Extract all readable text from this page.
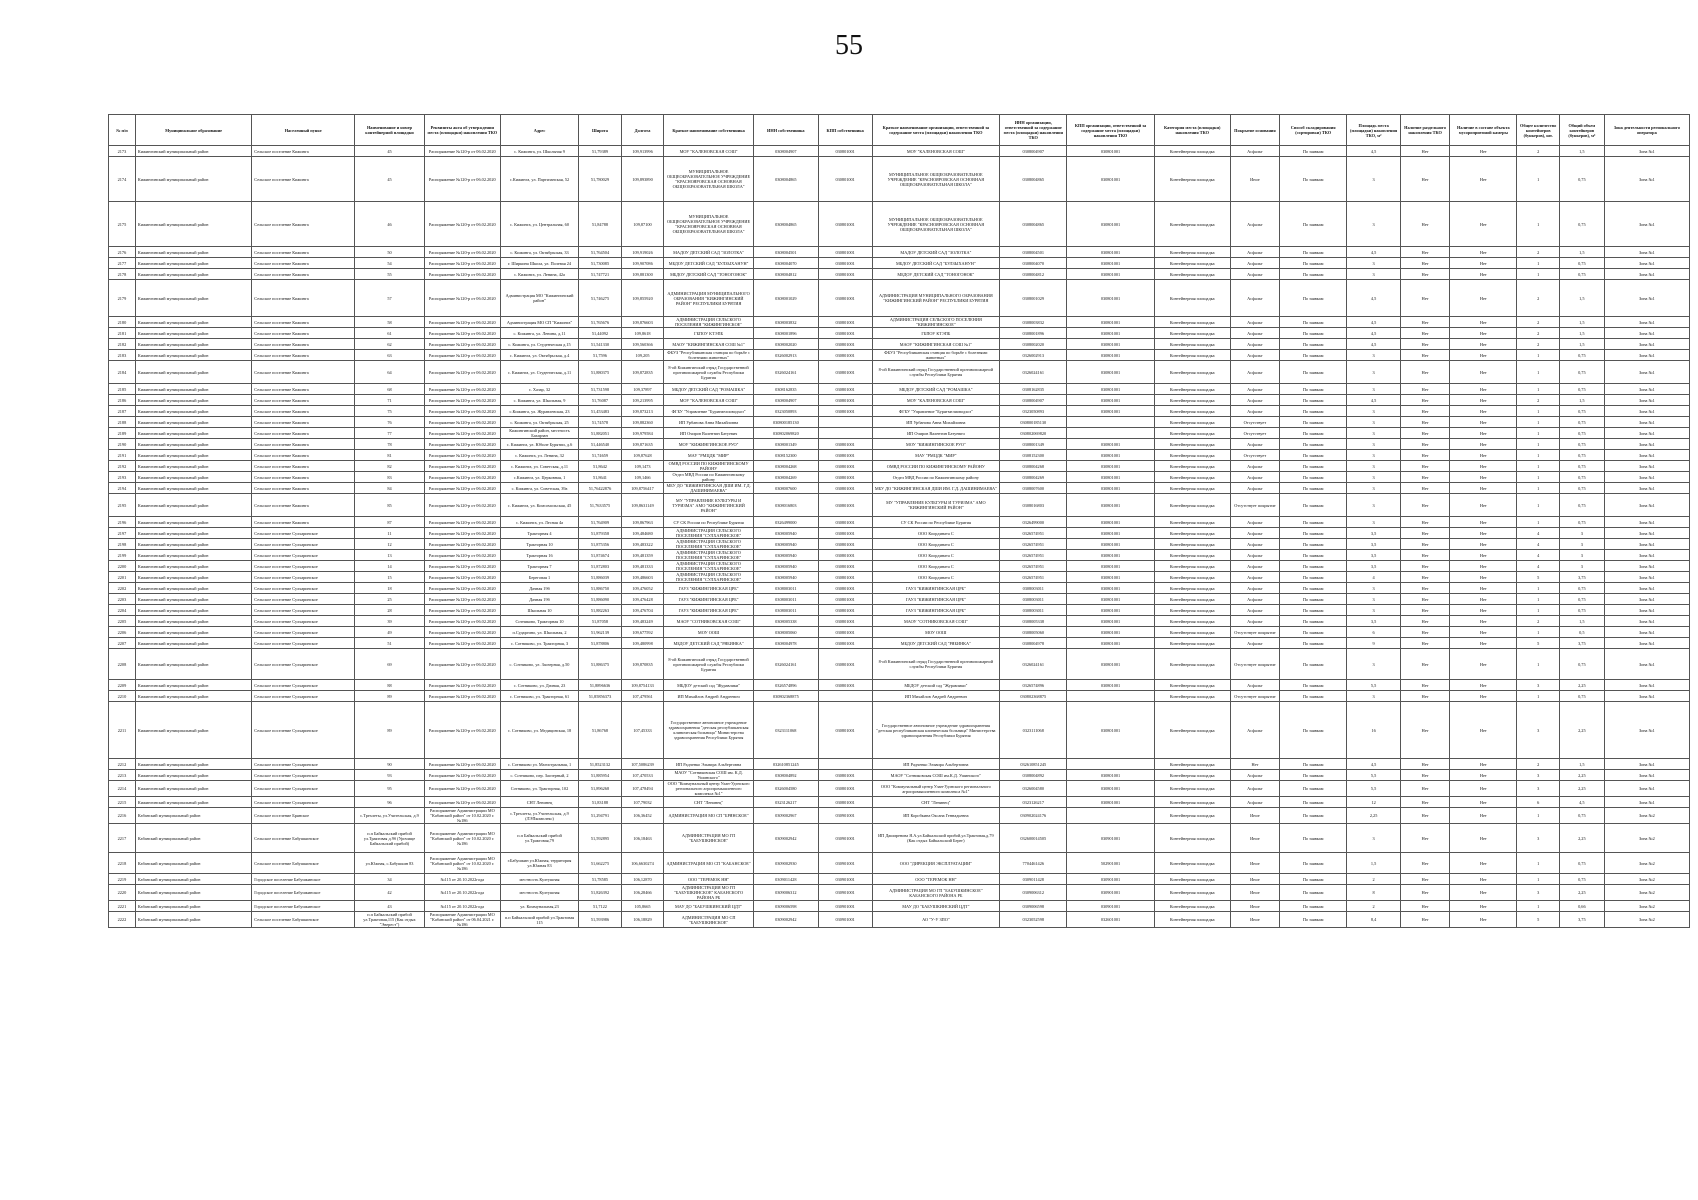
55
№ п/п	Муниципальное образование	Населенный пункт	Наименование и номер контейнерной площадки	Реквизиты акта об утверждении места (площадки) накопления ТКО	Адрес	Широта	Долгота	Краткое наименование собственника	ИНН собственника	КПП собственника	Краткое наименование организации, ответственной за содержание места (площадки) накопления ТКО	ИНН организации, ответственной за содержание места (площадки) накопления ТКО	КПП организации, ответственной за содержание места (площадки) накопления ТКО	Категория места (площадки) накопления ТКО	Покрытие основания	Способ складирования (сортировки) ТКО	Площадь места (площадки) накопления ТКО, м²	Наличие раздельного накопления ТКО	Наличие в составе объекта мусороприемной камеры	Общее количество контейнеров (бункеров), шт.	Общий объем контейнеров (бункеров), м³	Зона деятельности регионального оператора
2173	Кижингинский муниципальный район	Сельское поселение Кижинга	45	Распоряжение №120-р от 06.02.2020	с. Кижинга, ул. Школьная 9	51,79389	109,913996	МОУ "КАЛЕНОВСКАЯ СОШ"	0308004907	030801001	МОУ "КАЛЕНОВСКАЯ СОШ"	0308004907	030801001	Контейнерная площадка	Асфальт	По заявкам	4,5	Нет	Нет	2	1,5	Зона №1
2174	Кижингинский муниципальный район	Сельское поселение Кижинга	45	Распоряжение №120-р от 06.02.2020	с.Кижинга, ул. Партизанская, 52	51,780029	109,893890	МУНИЦИПАЛЬНОЕ ОБЩЕОБРАЗОВАТЕЛЬНОЕ УЧРЕЖДЕНИЕ "КРАСНОЯРОВСКАЯ ОСНОВНАЯ ОБЩЕОБРАЗОВАТЕЛЬНАЯ ШКОЛА"	0308004865	030801001	МУНИЦИПАЛЬНОЕ ОБЩЕОБРАЗОВАТЕЛЬНОЕ УЧРЕЖДЕНИЕ "КРАСНОЯРОВСКАЯ ОСНОВНАЯ ОБЩЕОБРАЗОВАТЕЛЬНАЯ ШКОЛА"	0308004865	030801001	Контейнерная площадка	Иное	По заявкам	3	Нет	Нет	1	0,75	Зона №1
2175	Кижингинский муниципальный район	Сельское поселение Кижинга	46	Распоряжение №120-р от 06.02.2020	с. Кижинга, ул. Центральная, 60	51,84788	109,87100	МУНИЦИПАЛЬНОЕ ОБЩЕОБРАЗОВАТЕЛЬНОЕ УЧРЕЖДЕНИЕ "КРАСНОЯРОВСКАЯ ОСНОВНАЯ ОБЩЕОБРАЗОВАТЕЛЬНАЯ ШКОЛА"	0308004865	030801001	МУНИЦИПАЛЬНОЕ ОБЩЕОБРАЗОВАТЕЛЬНОЕ УЧРЕЖДЕНИЕ "КРАСНОЯРОВСКАЯ ОСНОВНАЯ ОБЩЕОБРАЗОВАТЕЛЬНАЯ ШКОЛА"	0308004865	030801001	Контейнерная площадка	Асфальт	По заявкам	3	Нет	Нет	1	0,75	Зона №1
2176	Кижингинский муниципальный район	Сельское поселение Кижинга	50	Распоряжение №120-р от 06.02.2020	с. Кижинга, ул. Октябрьская, 33	51,764504	109,919026	МАДОУ ДЕТСКИЙ САД "ЗОЛОТКА"	0308004501	030801001	МАДОУ ДЕТСКИЙ САД "ЗОЛОТКА"	0308004501	030801001	Контейнерная площадка	Асфальт	По заявкам	4,5	Нет	Нет	2	1,5	Зона №1
2177	Кижингинский муниципальный район	Сельское поселение Кижинга	54	Распоряжение №120-р от 06.02.2020	г. Ширкина Школа, ул. Полевая 24	51,730085	109,907086	МБДОУ ДЕТСКИЙ САД "БУЛЗЫХАНУН"	0308004070	030801001	МБДОУ ДЕТСКИЙ САД "БУЛЗЫХАНУН"	0308004070	030801001	Контейнерная площадка	Асфальт	По заявкам	3	Нет	Нет	1	0,75	Зона №1
2178	Кижингинский муниципальный район	Сельское поселение Кижинга	55	Распоряжение №120-р от 06.02.2020	с. Кижинга, ул. Ленина, 42а	51,747721	109,881300	МБДОУ ДЕТСКИЙ САД "ТОНОГОНОК"	0308004812	030801001	МБДОУ ДЕТСКИЙ САД "ТОНОГОНОК"	0308004812	030801001	Контейнерная площадка	Асфальт	По заявкам	3	Нет	Нет	1	0,75	Зона №1
2179	Кижингинский муниципальный район	Сельское поселение Кижинга	57	Распоряжение №120-р от 06.02.2020	Администрация МО "Кижингинский район"	51,746275	109,855920	АДМИНИСТРАЦИЯ МУНИЦИПАЛЬНОГО ОБРАЗОВАНИЯ "КИЖИНГИНСКИЙ РАЙОН" РЕСПУБЛИКИ БУРЯТИЯ	0308001029	030801001	АДМИНИСТРАЦИЯ МУНИЦИПАЛЬНОГО ОБРАЗОВАНИЯ "КИЖИНГИНСКИЙ РАЙОН" РЕСПУБЛИКИ БУРЯТИЯ	0308001029	030801001	Контейнерная площадка	Асфальт	По заявкам	4,5	Нет	Нет	2	1,5	Зона №1
2180	Кижингинский муниципальный район	Сельское поселение Кижинга	58	Распоряжение №120-р от 06.02.2020	Администрация МО СП "Кижинга"	51,765676	109,876603	АДМИНИСТРАЦИЯ СЕЛЬСКОГО ПОСЕЛЕНИЯ "КИЖИНГИНСКОЕ"	0308003832	030801001	АДМИНИСТРАЦИЯ СЕЛЬСКОГО ПОСЕЛЕНИЯ "КИЖИНГИНСКОЕ"	0308003832	030801001	Контейнерная площадка	Асфальт	По заявкам	4,5	Нет	Нет	2	1,5	Зона №1
2181	Кижингинский муниципальный район	Сельское поселение Кижинга	61	Распоряжение №120-р от 06.02.2020	с. Кижинга, ул. Ленина, д.11	51,44092	109,8618	ГБПОУ КТЭПБ	0308001896	030801001	ГБПОУ КТЭПБ	0308001896	030801001	Контейнерная площадка	Асфальт	По заявкам	4,5	Нет	Нет	2	1,5	Зона №1
2182	Кижингинский муниципальный район	Сельское поселение Кижинга	62	Распоряжение №120-р от 06.02.2020	с. Кижинга, ул. Студенческая д.15	51,541330	109,560366	МАОУ "КИЖИНГИНСКАЯ СОШ №1"	0308002020	030801001	МАОУ "КИЖИНГИНСКАЯ СОШ №1"	0308002020	030801001	Контейнерная площадка	Асфальт	По заявкам	4,5	Нет	Нет	2	1,5	Зона №1
2183	Кижингинский муниципальный район	Сельское поселение Кижинга	63	Распоряжение №120-р от 06.02.2020	с. Кижинга, ул. Октябрьская, д.4	51,7596	109,205	ФБУЗ "Республиканская станция по борьбе с болезнями животных"	0326002913	030801001	ФБУЗ "Республиканская станция по борьбе с болезнями животных"	0326002913	030801001	Контейнерная площадка	Асфальт	По заявкам	3	Нет	Нет	1	0,75	Зона №1
2184	Кижингинский муниципальный район	Сельское поселение Кижинга	64	Распоряжение №120-р от 06.02.2020	с. Кижинга, ул. Студенческая, д.11	51,880375	109,872835	8-ой Кижингинский отряд Государственной противопожарной службы Республики Бурятия	0326024161	030801001	8-ой Кижингинский отряд Государственной противопожарной службы Республики Бурятия	0326024161	030801001	Контейнерная площадка	Асфальт	По заявкам	3	Нет	Нет	1	0,75	Зона №1
2185	Кижингинский муниципальный район	Сельское поселение Кижинга	68	Распоряжение №120-р от 06.02.2020	с. Хазар, 32	51,731598	109,37897	МБДОУ ДЕТСКИЙ САД "РОМАШКА"	0308162835	030801001	МБДОУ ДЕТСКИЙ САД "РОМАШКА"	0308162835	030801001	Контейнерная площадка	Асфальт	По заявкам	3	Нет	Нет	1	0,75	Зона №1
2186	Кижингинский муниципальный район	Сельское поселение Кижинга	71	Распоряжение №120-р от 06.02.2020	с. Кижинга, ул. Школьная, 9	51,76087	109,213995	МОУ "КАЛЕНОВСКАЯ СОШ"	0308004907	030801001	МОУ "КАЛЕНОВСКАЯ СОШ"	0308004907	030801001	Контейнерная площадка	Асфальт	По заявкам	4,5	Нет	Нет	2	1,5	Зона №1
2187	Кижингинский муниципальный район	Сельское поселение Кижинга	75	Распоряжение №120-р от 06.02.2020	с.Кижинга, ул. Журавлевская, 23	51,453483	109,873213	ФГБУ "Управление "Бурятмелиоводхоз"	0323050893	030801001	ФГБУ "Управление "Бурятмелиоводхоз"	0323050893	030801001	Контейнерная площадка	Асфальт	По заявкам	3	Нет	Нет	1	0,75	Зона №1
2188	Кижингинский муниципальный район	Сельское поселение Кижинга	76	Распоряжение №120-р от 06.02.2020	с. Кижинга, ул. Октябрьская, 25	51,74578	109,882360	ИП Урбанова Анна Михайловна	030800185130		ИП Урбанова Анна Михайловна	030800185130		Контейнерная площадка	Отсутствует	По заявкам	3	Нет	Нет	1	0,75	Зона №1
2189	Кижингинский муниципальный район	Сельское поселение Кижинга	77	Распоряжение №120-р от 06.02.2020	Кижингинский район, местность Бахарзан	51,882051	109,979584	ИП Очиров Валентин Батуевич	030802069820		ИП Очиров Валентин Батуевич	030802069820		Контейнерная площадка	Отсутствует	По заявкам	3	Нет	Нет	1	0,75	Зона №1
2190	Кижингинский муниципальный район	Сельское поселение Кижинга	78	Распоряжение №120-р от 06.02.2020	с. Кижинга, ул. Юбиле Бурятии, д.6	51,446540	109,871635	МОУ "КИЖИНГИНСКОЕ РУО"	0308001349	030801001	МОУ "КИЖИНГИНСКОЕ РУО"	0308001349	030801001	Контейнерная площадка	Асфальт	По заявкам	3	Нет	Нет	1	0,75	Зона №1
2191	Кижингинский муниципальный район	Сельское поселение Кижинга	81	Распоряжение №120-р от 06.02.2020	с. Кижинга, ул. Ленина, 32	51,74659	109,87628	МАУ "РМЦДК "МИР"	0308152300	030801001	МАУ "РМЦДК "МИР"	0308152300	030801001	Контейнерная площадка	Отсутствует	По заявкам	3	Нет	Нет	1	0,75	Зона №1
2192	Кижингинский муниципальный район	Сельское поселение Кижинга	82	Распоряжение №120-р от 06.02.2020	с. Кижинга, ул. Советская, д.11	51,8642	109,1473	ОМВД РОССИИ ПО КИЖИНГИНСКОМУ РАЙОНУ	0308004268	030801001	ОМВД РОССИИ ПО КИЖИНГИНСКОМУ РАЙОНУ	0308004268	030801001	Контейнерная площадка	Асфальт	По заявкам	3	Нет	Нет	1	0,75	Зона №1
2193	Кижингинский муниципальный район	Сельское поселение Кижинга	83	Распоряжение №120-р от 06.02.2020	с.Кижинга, ул. Церковная, 1	51,8641	109,1466	Отдел МВД России по Кижингинскому району	0308004269	030801001	Отдел МВД России по Кижингинскому району	0308004269	030801001	Контейнерная площадка	Асфальт	По заявкам	3	Нет	Нет	1	0,75	Зона №1
2194	Кижингинский муниципальный район	Сельское поселение Кижинга	84	Распоряжение №120-р от 06.02.2020	с. Кижинга, ул. Советская, 39а	51,76422876	109,8756417	МБУ ДО "КИЖИНГИНСКАЯ ДШИ ИМ. Г.Д. ДАШИНИМАЕВА"	0308007600	030801001	МБУ ДО "КИЖИНГИНСКАЯ ДШИ ИМ. Г.Д. ДАШИНИМАЕВА"	0308007600	030801001	Контейнерная площадка	Асфальт	По заявкам	3	Нет	Нет	1	0,75	Зона №1
2195	Кижингинский муниципальный район	Сельское поселение Кижинга	85	Распоряжение №120-р от 06.02.2020	с. Кижинга, ул. Комсомольская, 45	51,7633575	109,8631149	МУ "УПРАВЛЕНИЕ КУЛЬТУРЫ И ТУРИЗМА" АМО "КИЖИНГИНСКИЙ РАЙОН"	0308016803	030801001	МУ "УПРАВЛЕНИЕ КУЛЬТУРЫ И ТУРИЗМА" АМО "КИЖИНГИНСКИЙ РАЙОН"	0308016803	030801001	Контейнерная площадка	Отсутствует покрытие	По заявкам	3	Нет	Нет	1	0,75	Зона №1
2196	Кижингинский муниципальный район	Сельское поселение Кижинга	87	Распоряжение №120-р от 06.02.2020	с. Кижинга, ул. Лесная 4а	51,764909	109,867963	СУ СК России по Республике Бурятия	0326499000	030801001	СУ СК России по Республике Бурятия	0326499000	030801001	Контейнерная площадка	Асфальт	По заявкам	3	Нет	Нет	1	0,75	Зона №1
2197	Кижингинский муниципальный район	Сельское поселение Сулхаринское	11	Распоряжение №120-р от 06.02.2020	Тракторная 4	51,879358	109,484680	АДМИНИСТРАЦИЯ СЕЛЬСКОГО ПОСЕЛЕНИЯ "СУЛХАРИНСКОЕ"	0308005940	030801001	ООО Координата С	0326574951	030801001	Контейнерная площадка	Асфальт	По заявкам	3,5	Нет	Нет	4	3	Зона №1
2198	Кижингинский муниципальный район	Сельское поселение Сулхаринское	12	Распоряжение №120-р от 06.02.2020	Тракторная 10	51,875356	109,483322	АДМИНИСТРАЦИЯ СЕЛЬСКОГО ПОСЕЛЕНИЯ "СУЛХАРИНСКОЕ"	0308005940	030801001	ООО Координата С	0326574951	030801001	Контейнерная площадка	Асфальт	По заявкам	3,5	Нет	Нет	4	3	Зона №1
2199	Кижингинский муниципальный район	Сельское поселение Сулхаринское	13	Распоряжение №120-р от 06.02.2020	Тракторная 16	51,874674	109,481359	АДМИНИСТРАЦИЯ СЕЛЬСКОГО ПОСЕЛЕНИЯ "СУЛХАРИНСКОЕ"	0308005940	030801001	ООО Координата С	0326574951	030801001	Контейнерная площадка	Асфальт	По заявкам	3,5	Нет	Нет	4	3	Зона №1
2200	Кижингинский муниципальный район	Сельское поселение Сулхаринское	14	Распоряжение №120-р от 06.02.2020	Тракторная 7	51,872803	109,481333	АДМИНИСТРАЦИЯ СЕЛЬСКОГО ПОСЕЛЕНИЯ "СУЛХАРИНСКОЕ"	0308005940	030801001	ООО Координата С	0326574951	030801001	Контейнерная площадка	Асфальт	По заявкам	3,5	Нет	Нет	4	3	Зона №1
2201	Кижингинский муниципальный район	Сельское поселение Сулхаринское	15	Распоряжение №120-р от 06.02.2020	Береговая 1	51,886039	109,486603	АДМИНИСТРАЦИЯ СЕЛЬСКОГО ПОСЕЛЕНИЯ "СУЛХАРИНСКОЕ"	0308005940	030801001	ООО Координата С	0326574951	030801001	Контейнерная площадка	Асфальт	По заявкам	4	Нет	Нет	5	3,75	Зона №1
2202	Кижингинский муниципальный район	Сельское поселение Сулхаринское	18	Распоряжение №120-р от 06.02.2020	Дачная 19б	51,886750	109,476052	ГАУЗ "КИЖИНГИНСКАЯ ЦРБ"	0308003011	030801001	ГАУЗ "КИЖИНГИНСКАЯ ЦРБ"	0308003011	030801001	Контейнерная площадка	Асфальт	По заявкам	3	Нет	Нет	1	0,75	Зона №1
2203	Кижингинский муниципальный район	Сельское поселение Сулхаринское	25	Распоряжение №120-р от 06.02.2020	Дачная 19б	51,886090	109,476428	ГАУЗ "КИЖИНГИНСКАЯ ЦРБ"	0308003011	030801001	ГАУЗ "КИЖИНГИНСКАЯ ЦРБ"	0308003011	030801001	Контейнерная площадка	Асфальт	По заявкам	3	Нет	Нет	1	0,75	Зона №1
2204	Кижингинский муниципальный район	Сельское поселение Сулхаринское	28	Распоряжение №120-р от 06.02.2020	Школьная 10	51,882263	109,476704	ГАУЗ "КИЖИНГИНСКАЯ ЦРБ"	0308003011	030801001	ГАУЗ "КИЖИНГИНСКАЯ ЦРБ"	0308003011	030801001	Контейнерная площадка	Асфальт	По заявкам	3	Нет	Нет	1	0,75	Зона №1
2205	Кижингинский муниципальный район	Сельское поселение Сулхаринское	39	Распоряжение №120-р от 06.02.2020	Сотниково, Тракторная 10	51,87058	109,483249	МАОУ "СОТНИКОВСКАЯ СОШ"	0308005338	030801001	МАОУ "СОТНИКОВСКАЯ СОШ"	0308005338	030801001	Контейнерная площадка	Асфальт	По заявкам	3,5	Нет	Нет	2	1,5	Зона №1
2206	Кижингинский муниципальный район	Сельское поселение Сулхаринское	49	Распоряжение №120-р от 06.02.2020	п.Сударгино, ул. Школьная, 2	51,962139	109,677592	МОУ ООШ	0308005060	030801001	МОУ ООШ	0308005060	030801001	Контейнерная площадка	Отсутствует покрытие	По заявкам	6	Нет	Нет	1	0,5	Зона №1
2207	Кижингинский муниципальный район	Сельское поселение Сулхаринское	51	Распоряжение №120-р от 06.02.2020	с. Сотниково, ул. Тракторная, 3	51,878806	109,480998	МБДОУ ДЕТСКИЙ САД "РЯБИНКА"	0308004978	030801001	МБДОУ ДЕТСКИЙ САД "РЯБИНКА"	0308004978	030801001	Контейнерная площадка	Асфальт	По заявкам	9	Нет	Нет	5	3,75	Зона №1
2208	Кижингинский муниципальный район	Сельское поселение Сулхаринское	69	Распоряжение №120-р от 06.02.2020	с. Сотниково, ул. Заозерная, д.50	51,886375	109,870835	8-ой Кижингинский отряд Государственной противопожарной службы Республики Бурятия	0326024161	030801001	8-ой Кижингинский отряд Государственной противопожарной службы Республики Бурятия	0326024161	030801001	Контейнерная площадка	Отсутствует покрытие	По заявкам	3	Нет	Нет	1	0,75	Зона №1
2209	Кижингинский муниципальный район	Сельское поселение Сулхаринское	88	Распоряжение №120-р от 06.02.2020	с. Сотниково, ул. Дачная, 23	51,8896636	109,8754133	МБДОУ детский сад "Журавлики"	0326574896	030801001	МБДОУ детский сад "Журавлики"	0326574896	030801001	Контейнерная площадка	Асфальт	По заявкам	5,5	Нет	Нет	3	2,25	Зона №1
2210	Кижингинский муниципальный район	Сельское поселение Сулхаринское	89	Распоряжение №120-р от 06.02.2020	с. Сотниково, ул. Тракторная, 61	51,85856373	107,479561	ИП Михайлов Андрей Андреевич	030802368875		ИП Михайлов Андрей Андреевич	030802368875		Контейнерная площадка	Отсутствует покрытие	По заявкам	3	Нет	Нет	1	0,75	Зона №1
2211	Кижингинский муниципальный район	Сельское поселение Сулхаринское	89	Распоряжение №120-р от 06.02.2020	с. Сотниково, ул. Медицинская, 18	51,86768	107,45333	Государственное автономное учреждение здравоохранения "детская республиканская клиническая больница" Министерства здравоохранения Республики Бурятия	0323111068	030801001	Государственное автономное учреждение здравоохранения "детская республиканская клиническая больница" Министерства здравоохранения Республики Бурятия	0323111068	030801001	Контейнерная площадка	Асфальт	По заявкам	16	Нет	Нет	3	2,25	Зона №1
2212	Кижингинский муниципальный район	Сельское поселение Сулхаринское	90	Распоряжение №120-р от 06.02.2020	с. Сотниково ул. Магистральная, 1	51,8523132	107,5086239	ИП Радченко Эльвира Альбертовна	032610851245		ИП Радченко Эльвира Альбертовна	032610851245		Контейнерная площадка	Нет	По заявкам	4,5	Нет	Нет	2	1,5	Зона №1
2213	Кижингинский муниципальный район	Сельское поселение Сулхаринское	93	Распоряжение №120-р от 06.02.2020	с. Сотниково, пер. Заозерный, 2	51,885954	107,470533	МАОУ "Сотниковская СОШ им. К.Д. Ушинского"	0308004892	030801001	МАОУ "Сотниковская СОШ им.К.Д. Ушинского"	0308004892	030801001	Контейнерная площадка	Асфальт	По заявкам	5,5	Нет	Нет	3	2,25	Зона №1
2214	Кижингинский муниципальный район	Сельское поселение Сулхаринское	95	Распоряжение №120-р от 06.02.2020	Сотниково, ул. Тракторная, 102	51,896268	107,478494	ООО "Коммунальный центр Улан-Удэнского регионального агропромышленного комплекса №1"	0326004580	030801001	ООО "Коммунальный центр Улан-Удэнского регионального агропромышленного комплекса №1"	0326004580	030801001	Контейнерная площадка	Асфальт	По заявкам	5,5	Нет	Нет	3	2,25	Зона №1
2215	Кижингинский муниципальный район	Сельское поселение Сулхаринское	96	Распоряжение №120-р от 06.02.2020	СНТ Ленинец	51,83188	107,79032	СНТ "Ленинец"	0323126217	030801001	СНТ "Ленинец"	0323126217	030801001	Контейнерная площадка	Асфальт	По заявкам	12	Нет	Нет	6	4,5	Зона №1
2216	Кабанский муниципальный район	Сельское поселение Брянское	с.Трехлеты, ул.Учительская, д.9	Распоряжение Администрации МО "Кабанский район" от 10.02.2020 г. №186	с.Трехлеты, ул.Учительская, д.9 (ЛЭПкомплекс)	51,294791	106,36452	АДМИНИСТРАЦИЯ МО СП "БРЯНСКОЕ"	0309002967	030901001	ИП Коробкина Оксана Геннадьевна	030902024176		Контейнерная площадка	Иное	По заявкам	2,25	Нет	Нет	1	0,75	Зона №2
2217	Кабанский муниципальный район	Сельское поселение Бабушкинское	п.п Байкальский прибой ул.Трактовая д.9б (Урочище Байкальский прибой)	Распоряжение Администрации МО "Кабанский район" от 10.02.2020 г. №186	п.п Байкальский прибой ул.Трактовая,79	51,592895	106,18463	АДМИНИСТРАЦИЯ МО ГП "БАБУШКИНСКОЕ"	0309002942	030901001	ИП Даширенова Я.А.ул.Байкальский прибой,ул.Трактовая,д.79 (Как отдых Байкальский Берег)	032600014505	030901001	Контейнерная площадка	Иное	По заявкам	3	Нет	Нет	3	2,25	Зона №2
2218	Кабанский муниципальный район	Сельское поселение Бабушкинское	ул.Южная, с.Бабушкин 83	Распоряжение Администрации МО "Кабанский район" от 10.02.2020 г. №186	г.Бабушкин ул.Южная, территория ул.Южная 83	51,662275	106,6630274	АДМИНИСТРАЦИЯ МО СП "КАБАНСКОЕ"	0309002930	030901001	ООО "ДИРЕКЦИЯ ЭКСПЛУАТАЦИИ"	7704461426	502901001	Контейнерная площадка	Иное	По заявкам	1,5	Нет	Нет	1	0,75	Зона №2
2219	Кабанский муниципальный район	Городское поселение Бабушкинское	34	№115 от 20.10.2022года	местность Култушная	51,78585	106,12870	ООО "ТЕРЕМОК НН"	0309011428	030901001	ООО "ТЕРЕМОК НН"	0309011428	030901001	Контейнерная площадка	Иное	По заявкам	2	Нет	Нет	1	0,75	Зона №2
2220	Кабанский муниципальный район	Городское поселение Бабушкинское	42	№115 от 20.10.2022года	местность Култушная	51,826392	106,28466	АДМИНИСТРАЦИЯ МО ГП "БАБУШКИНСКОЕ" КАБАНСКОГО РАЙОНА РБ	0309006312	030901001	АДМИНИСТРАЦИЯ МО ГП "БАБУШКИНСКОЕ" КАБАНСКОГО РАЙОНА РБ	0309006312	030901001	Контейнерная площадка	Иное	По заявкам	8	Нет	Нет	3	2,25	Зона №2
2221	Кабанский муниципальный район	Городское поселение Бабушкинское	43	№115 от 20.10.2022года	ул. Коммунальная,23	51,7122	105,8665	МАУ ДО "БАБУШКИНСКИЙ ЦДТ"	0309006598	030901001	МАУ ДО "БАБУШКИНСКИЙ ЦДТ"	0309006598	030901001	Контейнерная площадка	Иное	По заявкам	2	Нет	Нет	1	0,66	Зона №2
2222	Кабанский муниципальный район	Сельское поселение Бабушкинское	п.п Байкальский прибой ул.Трактовая,115 (Как отдых "Эверест")	Распоряжение Администрации МО "Кабанский район" от 06.04.2021 г. №186	п.п Байкальский прибой ул.Трактовая 115	51,593986	106,18829	АДМИНИСТРАЦИЯ МО СП "БАБУШКИНСКОЕ"	0309002942	030901001	АО "У-У ЗПО"	0323052598	032601001	Контейнерная площадка	Иное	По заявкам	8,4	Нет	Нет	5	3,75	Зона №2
